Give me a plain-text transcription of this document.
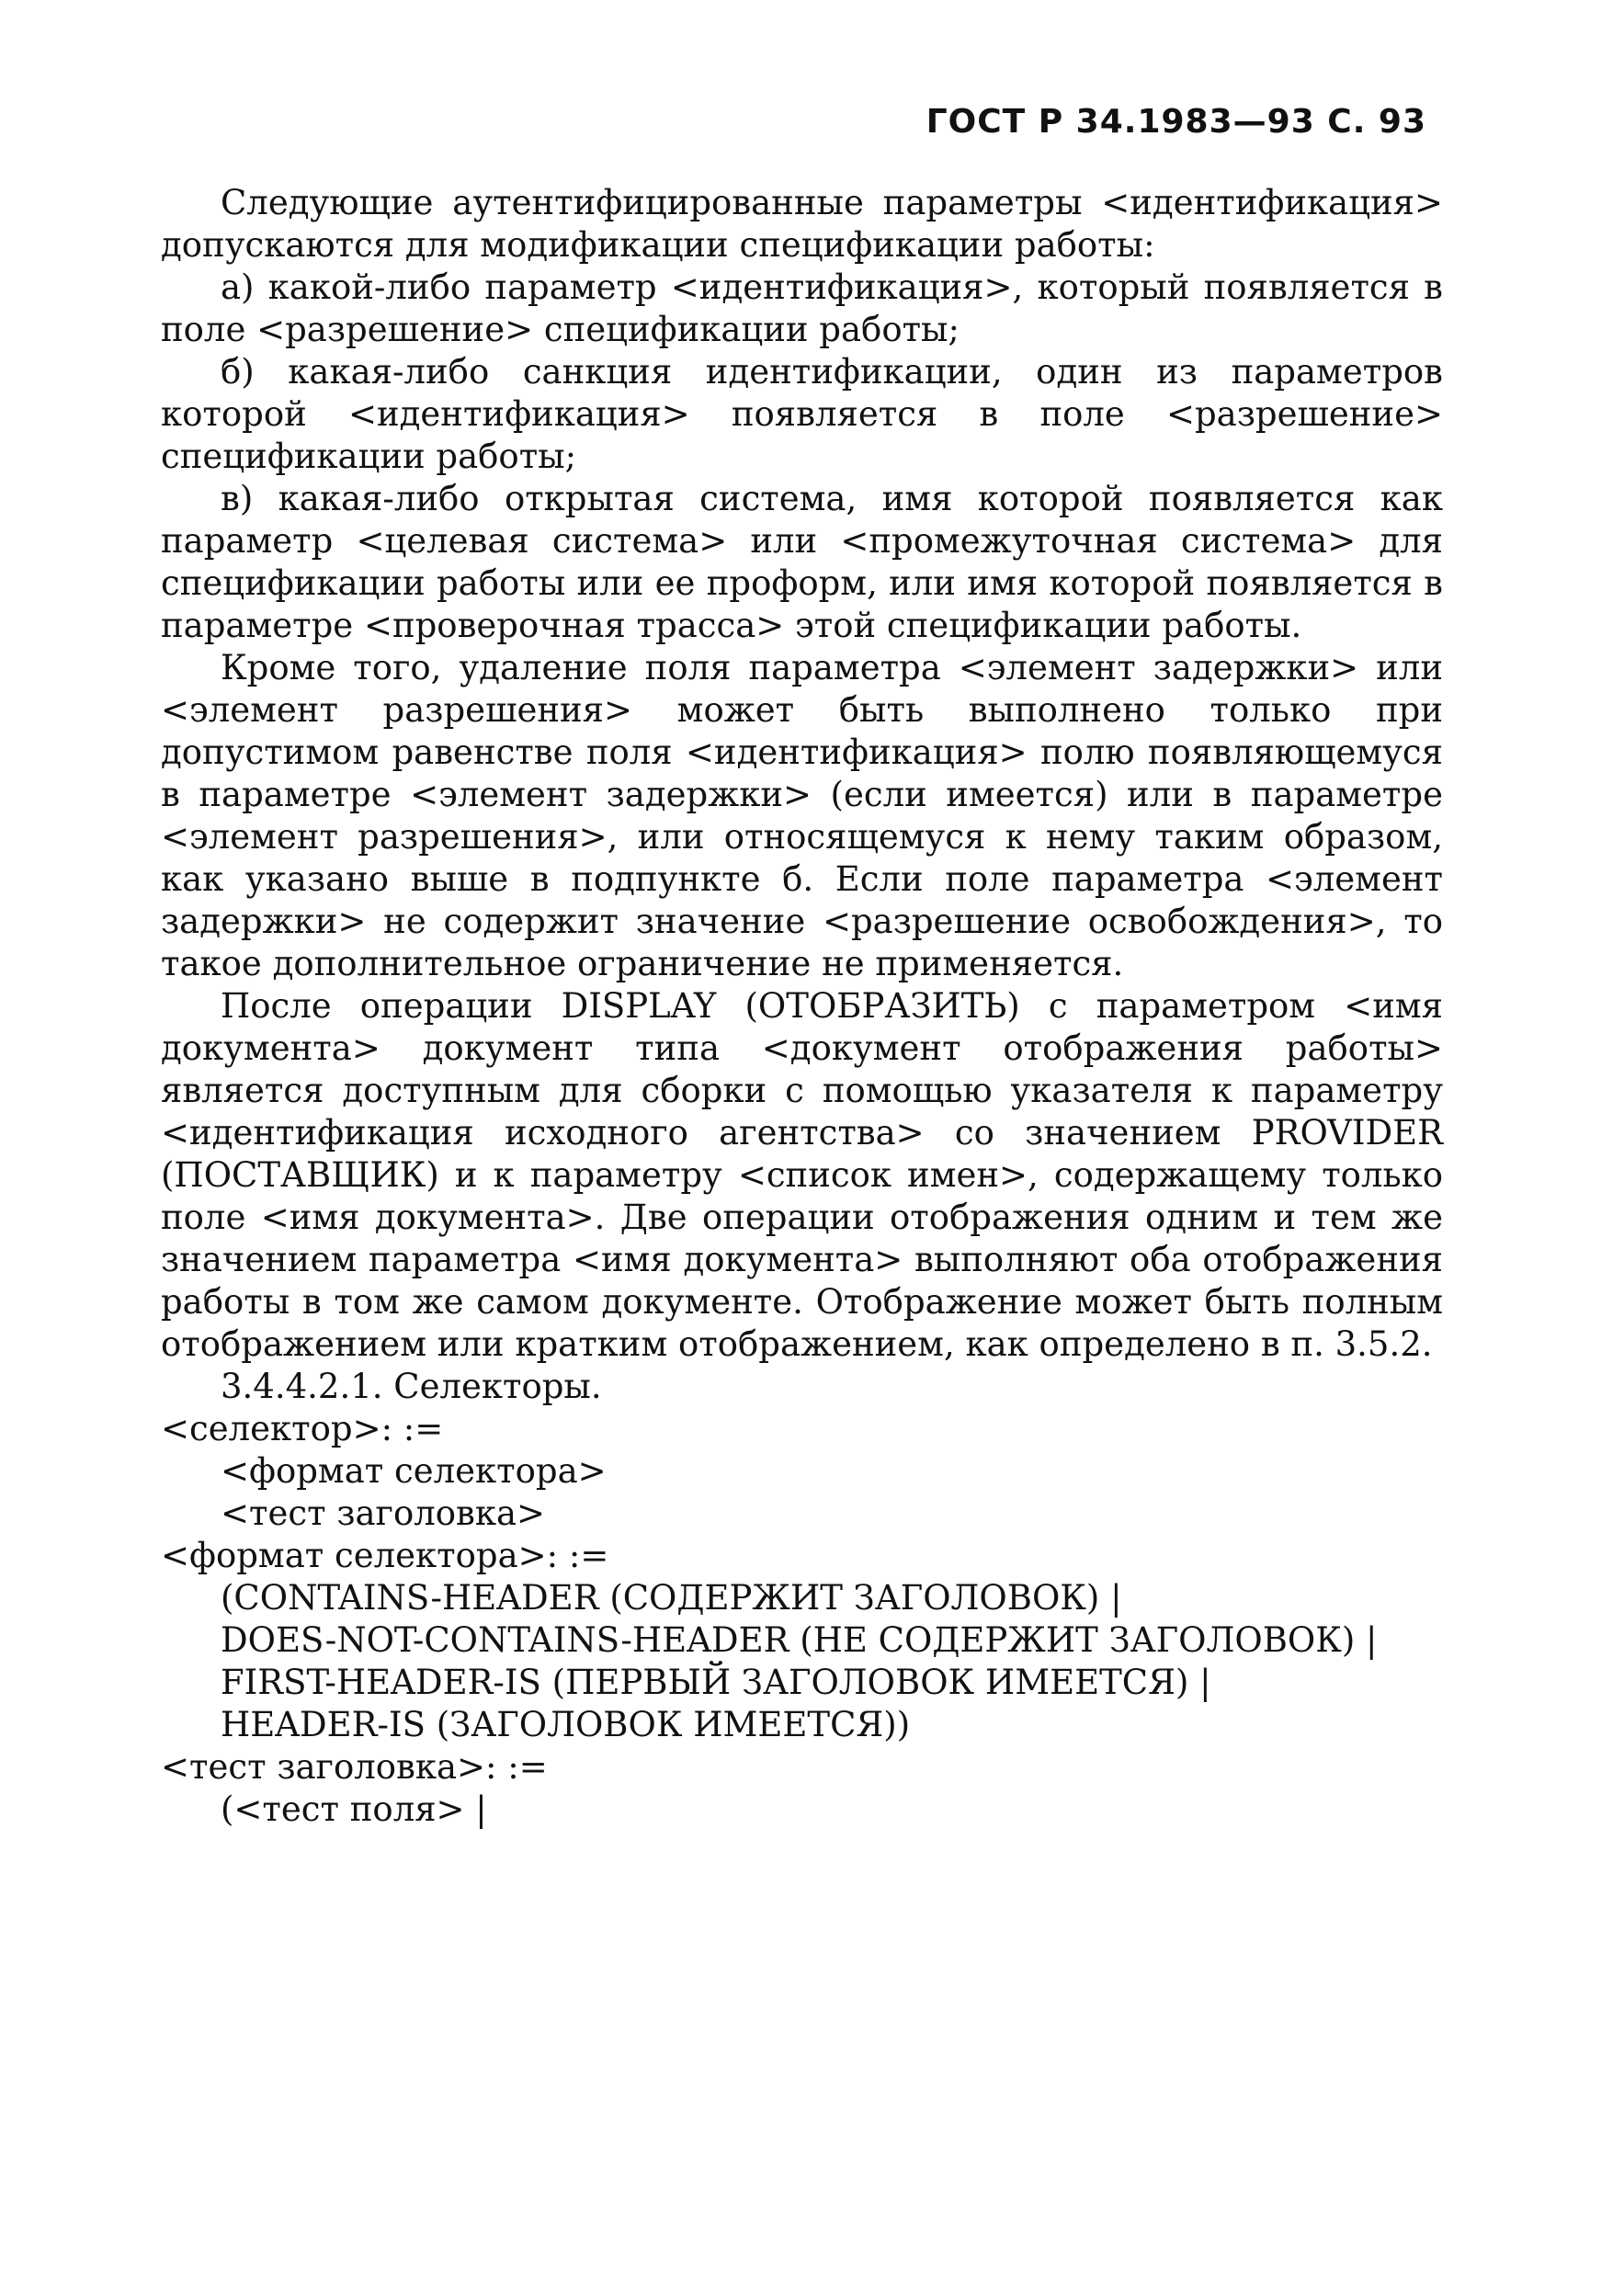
ГОСТ Р 34.1983—93 С. 93

Следующие аутентифицированные параметры <идентификация> допускаются для модификации спецификации работы:

а) какой-либо параметр <идентификация>, который появляется в поле <разрешение> спецификации работы;

б) какая-либо санкция идентификации, один из параметров которой <идентификация> появляется в поле <разрешение> спецификации работы;

в) какая-либо открытая система, имя которой появляется как параметр <целевая система> или <промежуточная система> для спецификации работы или ее проформ, или имя которой появляется в параметре <проверочная трасса> этой спецификации работы.

Кроме того, удаление поля параметра <элемент задержки> или <элемент разрешения> может быть выполнено только при допустимом равенстве поля <идентификация> полю появляющемуся в параметре <элемент задержки> (если имеется) или в параметре <элемент разрешения>, или относящемуся к нему таким образом, как указано выше в подпункте б. Если поле параметра <элемент задержки> не содержит значение <разрешение освобождения>, то такое дополнительное ограничение не применяется.

После операции DISPLAY (ОТОБРАЗИТЬ) с параметром <имя документа> документ типа <документ отображения работы> является доступным для сборки с помощью указателя к параметру <идентификация исходного агентства> со значением PROVIDER (ПОСТАВЩИК) и к параметру <список имен>, содержащему только поле <имя документа>. Две операции отображения одним и тем же значением параметра <имя документа> выполняют оба отображения работы в том же самом документе. Отображение может быть полным отображением или кратким отображением, как определено в п. 3.5.2.

3.4.4.2.1. Селекторы.
<селектор>: :=
<формат селектора>
<тест заголовка>
<формат селектора>: :=
(CONTAINS-HEADER (СОДЕРЖИТ ЗАГОЛОВОК) |
DOES-NOT-CONTAINS-HEADER (НЕ СОДЕРЖИТ ЗАГОЛОВОК) |
FIRST-HEADER-IS (ПЕРВЫЙ ЗАГОЛОВОК ИМЕЕТСЯ) |
HEADER-IS (ЗАГОЛОВОК ИМЕЕТСЯ))
<тест заголовка>: :=
(<тест поля> |
